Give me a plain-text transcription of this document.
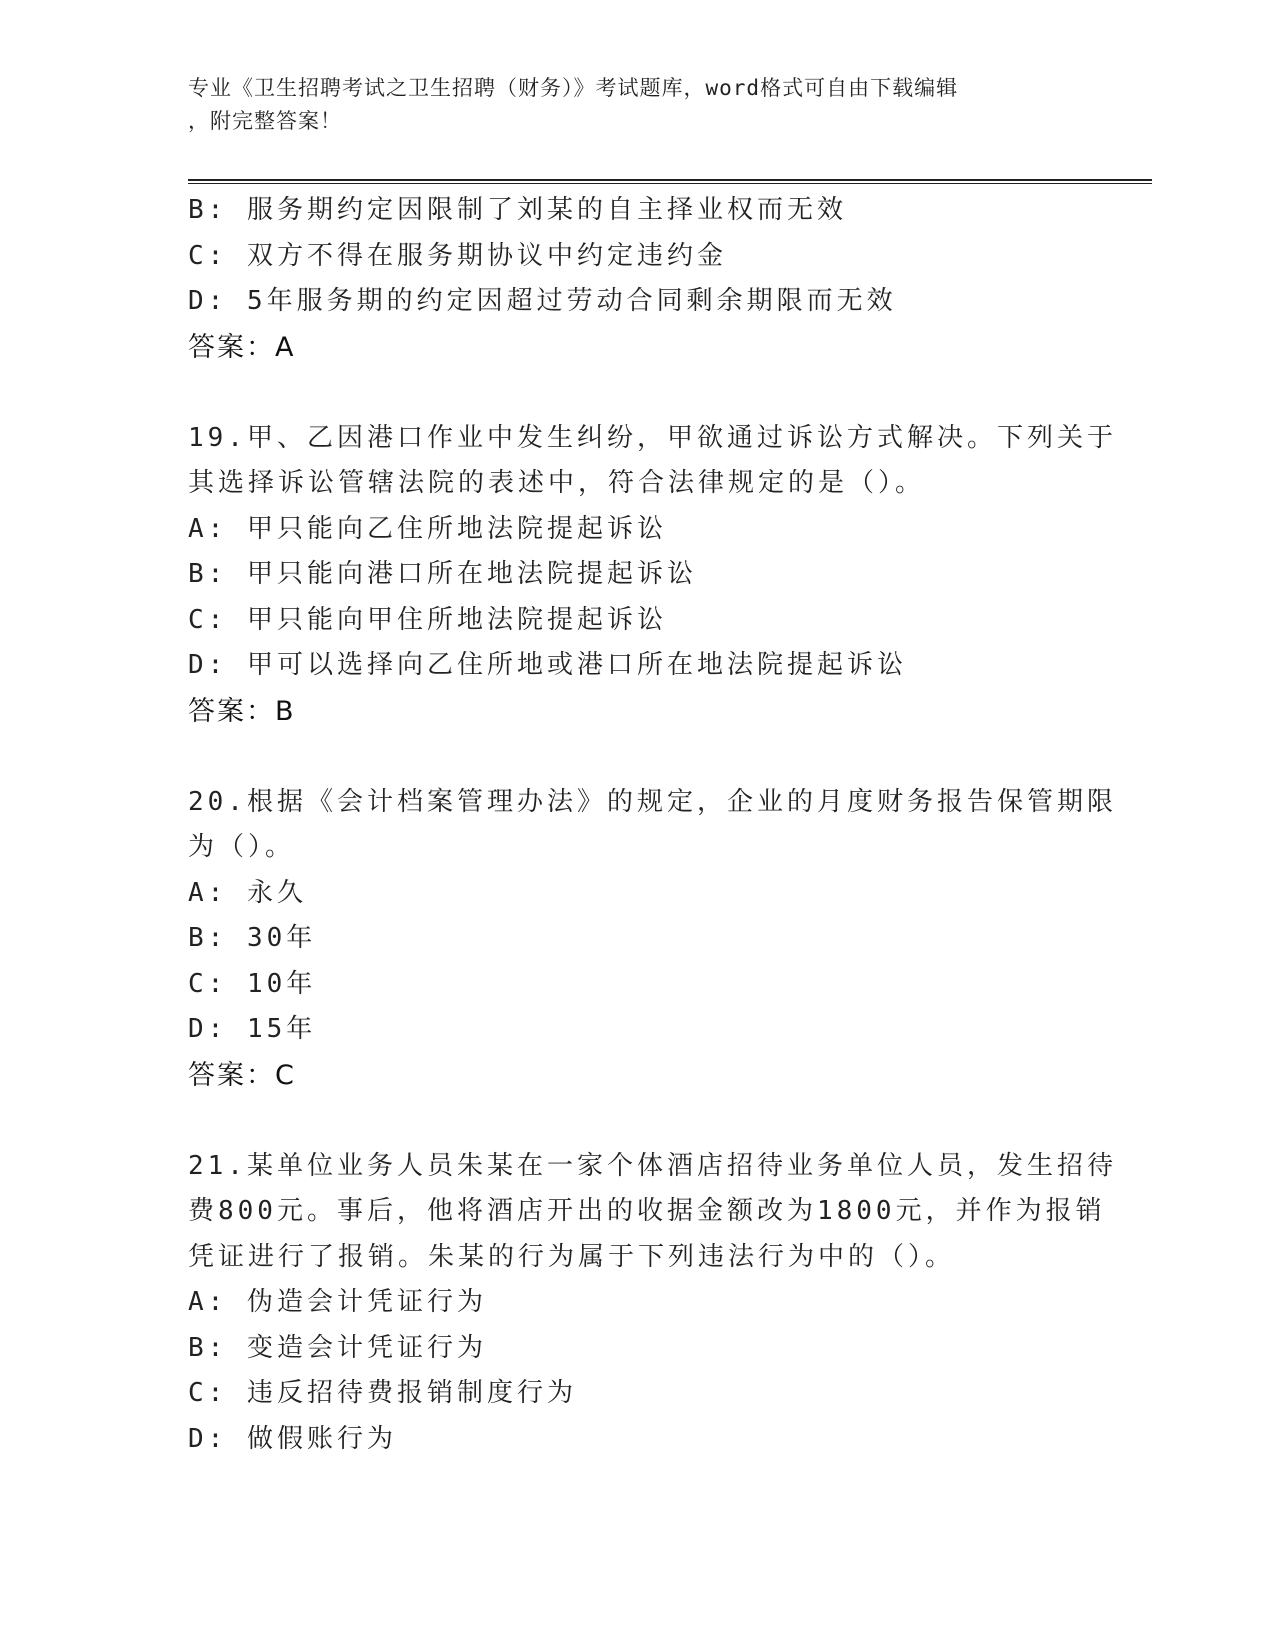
专业《卫生招聘考试之卫生招聘（财务）》考试题库，word格式可自由下载编辑
，附完整答案！
B: 服务期约定因限制了刘某的自主择业权而无效
C: 双方不得在服务期协议中约定违约金
D: 5年服务期的约定因超过劳动合同剩余期限而无效
答案：A
19.甲、乙因港口作业中发生纠纷，甲欲通过诉讼方式解决。下列关于
其选择诉讼管辖法院的表述中，符合法律规定的是（）。
A: 甲只能向乙住所地法院提起诉讼
B: 甲只能向港口所在地法院提起诉讼
C: 甲只能向甲住所地法院提起诉讼
D: 甲可以选择向乙住所地或港口所在地法院提起诉讼
答案：B
20.根据《会计档案管理办法》的规定，企业的月度财务报告保管期限
为（）。
A: 永久
B: 30年
C: 10年
D: 15年
答案：C
21.某单位业务人员朱某在一家个体酒店招待业务单位人员，发生招待
费800元。事后，他将酒店开出的收据金额改为1800元，并作为报销
凭证进行了报销。朱某的行为属于下列违法行为中的（）。
A: 伪造会计凭证行为
B: 变造会计凭证行为
C: 违反招待费报销制度行为
D: 做假账行为
